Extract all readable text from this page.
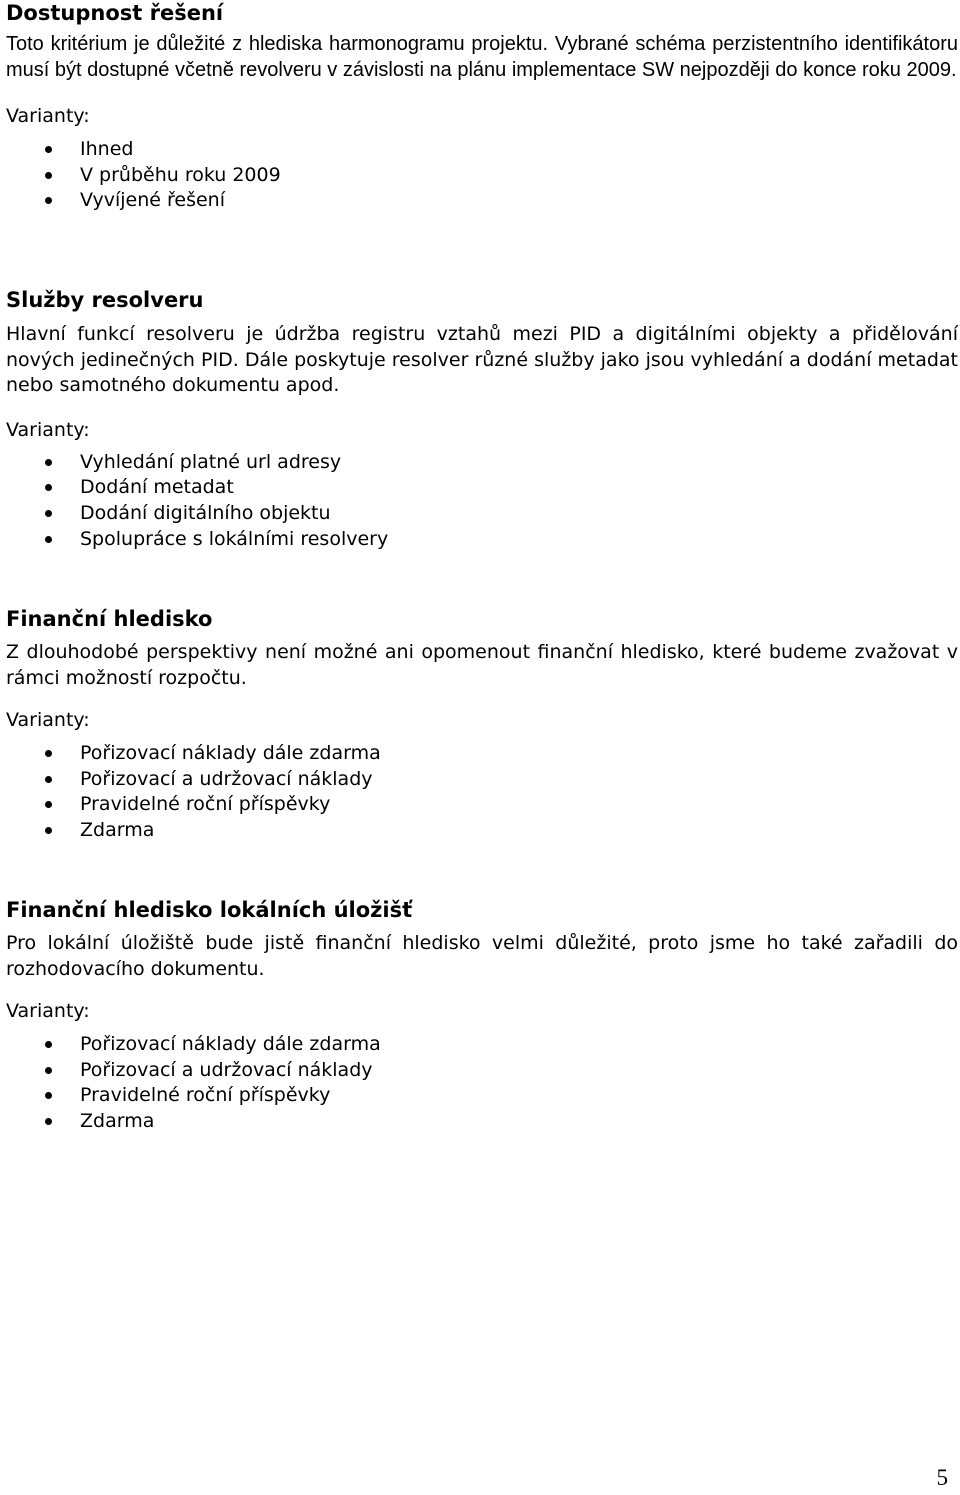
Dostupnost řešení

Toto kritérium je důležité z hlediska harmonogramu projektu. Vybrané schéma perzistentního identifikátoru musí být dostupné včetně revolveru v závislosti na plánu implementace SW nejpozději do konce roku 2009.

Varianty:

Ihned
V průběhu roku 2009
Vyvíjené řešení
Služby resolveru

Hlavní funkcí resolveru je údržba registru vztahů mezi PID a digitálními objekty a přidělování nových jedinečných PID. Dále poskytuje resolver různé služby jako jsou vyhledání a dodání metadat nebo samotného dokumentu apod.

Varianty:

Vyhledání platné url adresy
Dodání metadat
Dodání digitálního objektu
Spolupráce s lokálními resolvery
Finanční hledisko

Z dlouhodobé perspektivy není možné ani opomenout finanční hledisko, které budeme zvažovat v rámci možností rozpočtu.

Varianty:

Pořizovací náklady dále zdarma
Pořizovací a udržovací náklady
Pravidelné roční příspěvky
Zdarma
Finanční hledisko lokálních úložišť

Pro lokální úložiště bude jistě finanční hledisko velmi důležité, proto jsme ho také zařadili do rozhodovacího dokumentu.

Varianty:

Pořizovací náklady dále zdarma
Pořizovací a udržovací náklady
Pravidelné roční příspěvky
Zdarma
5
